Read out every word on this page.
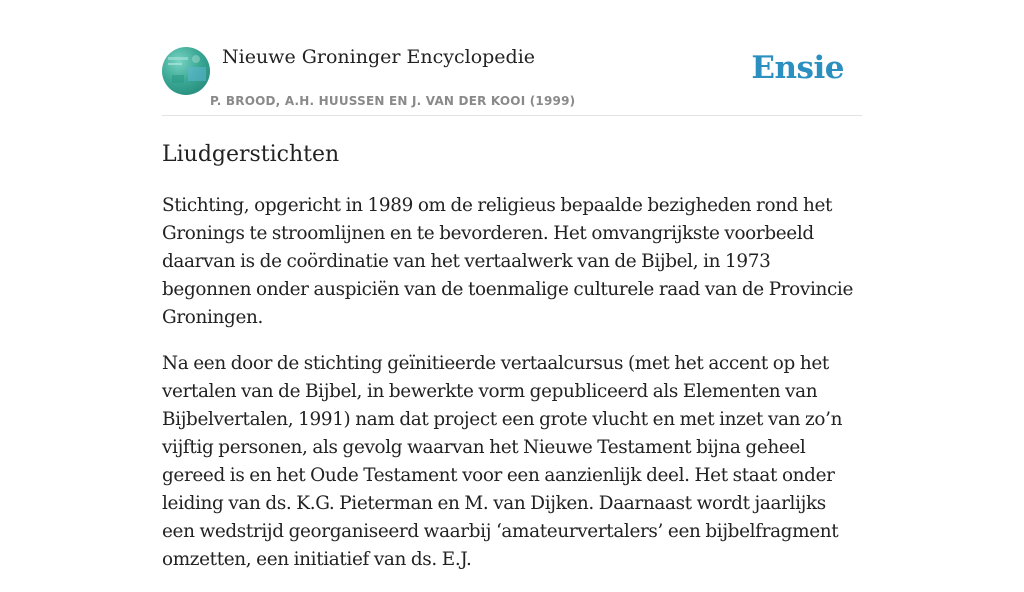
Nieuwe Groninger Encyclopedie
P. BROOD, A.H. HUUSSEN EN J. VAN DER KOOI (1999)
Ensie
Liudgerstichten

Stichting, opgericht in 1989 om de religieus bepaalde bezigheden rond het Gronings te stroomlijnen en te bevorderen. Het omvangrijkste voorbeeld daarvan is de coördinatie van het vertaalwerk van de Bijbel, in 1973 begonnen onder auspiciën van de toenmalige culturele raad van de Provincie Groningen.

Na een door de stichting geïnitieerde vertaalcursus (met het accent op het vertalen van de Bijbel, in bewerkte vorm gepubliceerd als Elementen van Bijbelvertalen, 1991) nam dat project een grote vlucht en met inzet van zo’n vijftig personen, als gevolg waarvan het Nieuwe Testament bijna geheel gereed is en het Oude Testament voor een aanzienlijk deel. Het staat onder leiding van ds. K.G. Pieterman en M. van Dijken. Daarnaast wordt jaarlijks een wedstrijd georganiseerd waarbij ‘amateurvertalers’ een bijbelfragment omzetten, een initiatief van ds. E.J.
